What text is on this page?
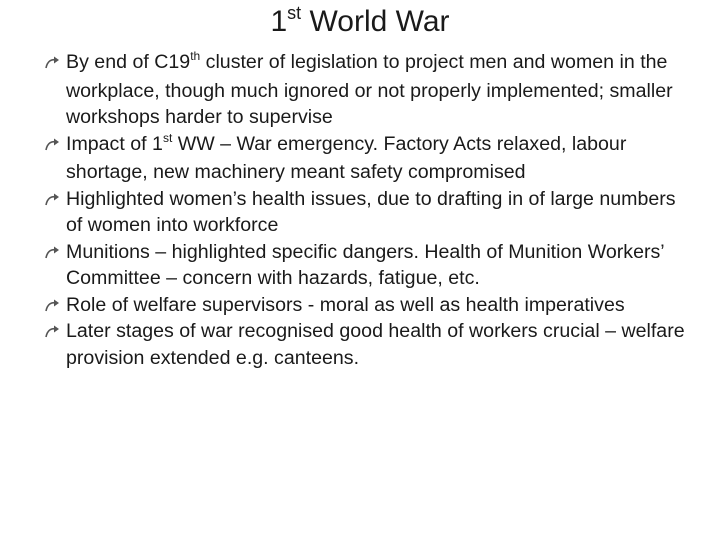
1st World War
By end of C19th cluster of legislation to project men and women in the workplace, though much ignored or not properly implemented; smaller workshops harder to supervise
Impact of 1st WW – War emergency. Factory Acts relaxed, labour shortage, new machinery meant safety compromised
Highlighted women’s health issues, due to drafting in of large numbers of women into workforce
Munitions – highlighted specific dangers. Health of Munition Workers’ Committee – concern with hazards, fatigue, etc.
Role of welfare supervisors - moral as well as health imperatives
Later stages of war recognised good health of workers crucial – welfare provision extended e.g. canteens.
